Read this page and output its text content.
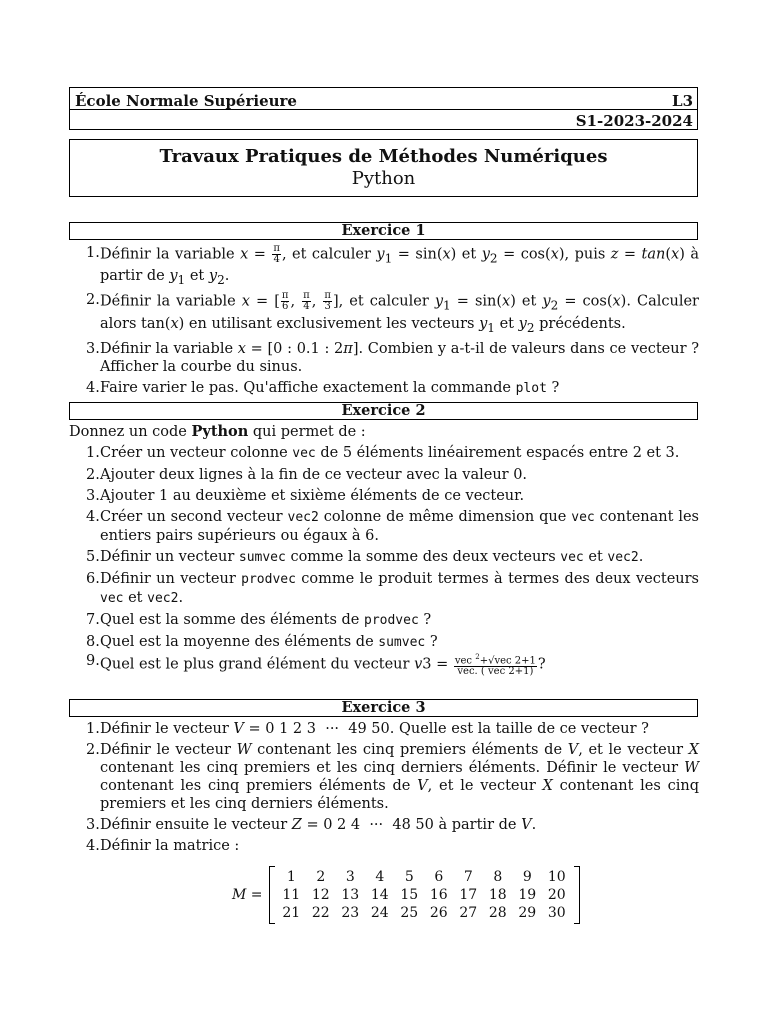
École Normale Supérieure	L3
S1-2023-2024
Travaux Pratiques de Méthodes Numériques
Python
Exercice 1
1. Définir la variable $x = \frac{\pi}{4}$ , et calculer $y_1 = \sin(x)$ et $y_2 = \cos(x)$, puis z = tan(x) à partir de $y_1$ et $y_2$.
2. Définir la variable x = [ $\frac{\pi}{6}$ , $\frac{\pi}{4}$ , $\frac{\pi}{3}$ ], et calculer $y_1 = \sin(x)$ et $y_2 = \cos(x)$. Calculer alors tan(x) en utilisant exclusivement les vecteurs $y_1$ et $y_2$ précédents.
3. Définir la variable x = [0 : 0.1 : 2π]. Combien y a-t-il de valeurs dans ce vecteur ? Afficher la courbe du sinus.
4. Faire varier le pas. Qu'affiche exactement la commande plot ?
Exercice 2

Donnez un code Python qui permet de :

1. Créer un vecteur colonne vec de 5 éléments linéairement espacés entre 2 et 3.
2. Ajouter deux lignes à la fin de ce vecteur avec la valeur 0.
3. Ajouter 1 au deuxième et sixième éléments de ce vecteur.
4. Créer un second vecteur vec2 colonne de même dimension que vec contenant les entiers pairs supérieurs ou égaux à 6.
5. Définir un vecteur sumvec comme la somme des deux vecteurs vec et vec2.
6. Définir un vecteur prodvec comme le produit termes à termes des deux vecteurs vec et vec2.
7. Quel est la somme des éléments de prodvec ?
8. Quel est la moyenne des éléments de sumvec ?
9. Quel est le plus grand élément du vecteur $v3 = \frac{vec ^2+√vec 2+1}{\text{vec. ( vec 2+1)}}$ ?
Exercice 3
1. Définir le vecteur V = 0 1 2 3  ···  49 50. Quelle est la taille de ce vecteur ?
2. Définir le vecteur W contenant les cinq premiers éléments de V, et le vecteur X contenant les cinq premiers et les cinq derniers éléments. Définir le vecteur W contenant les cinq premiers éléments de V, et le vecteur X contenant les cinq premiers et les cinq derniers éléments.
3. Définir ensuite le vecteur Z = 0 2 4  ···  48 50 à partir de V.
4. Définir la matrice :
M =
1	2	3	4	5	6	7	8	9	10
11	12	13	14	15	16	17	18	19	20
21	22	23	24	25	26	27	28	29	30
